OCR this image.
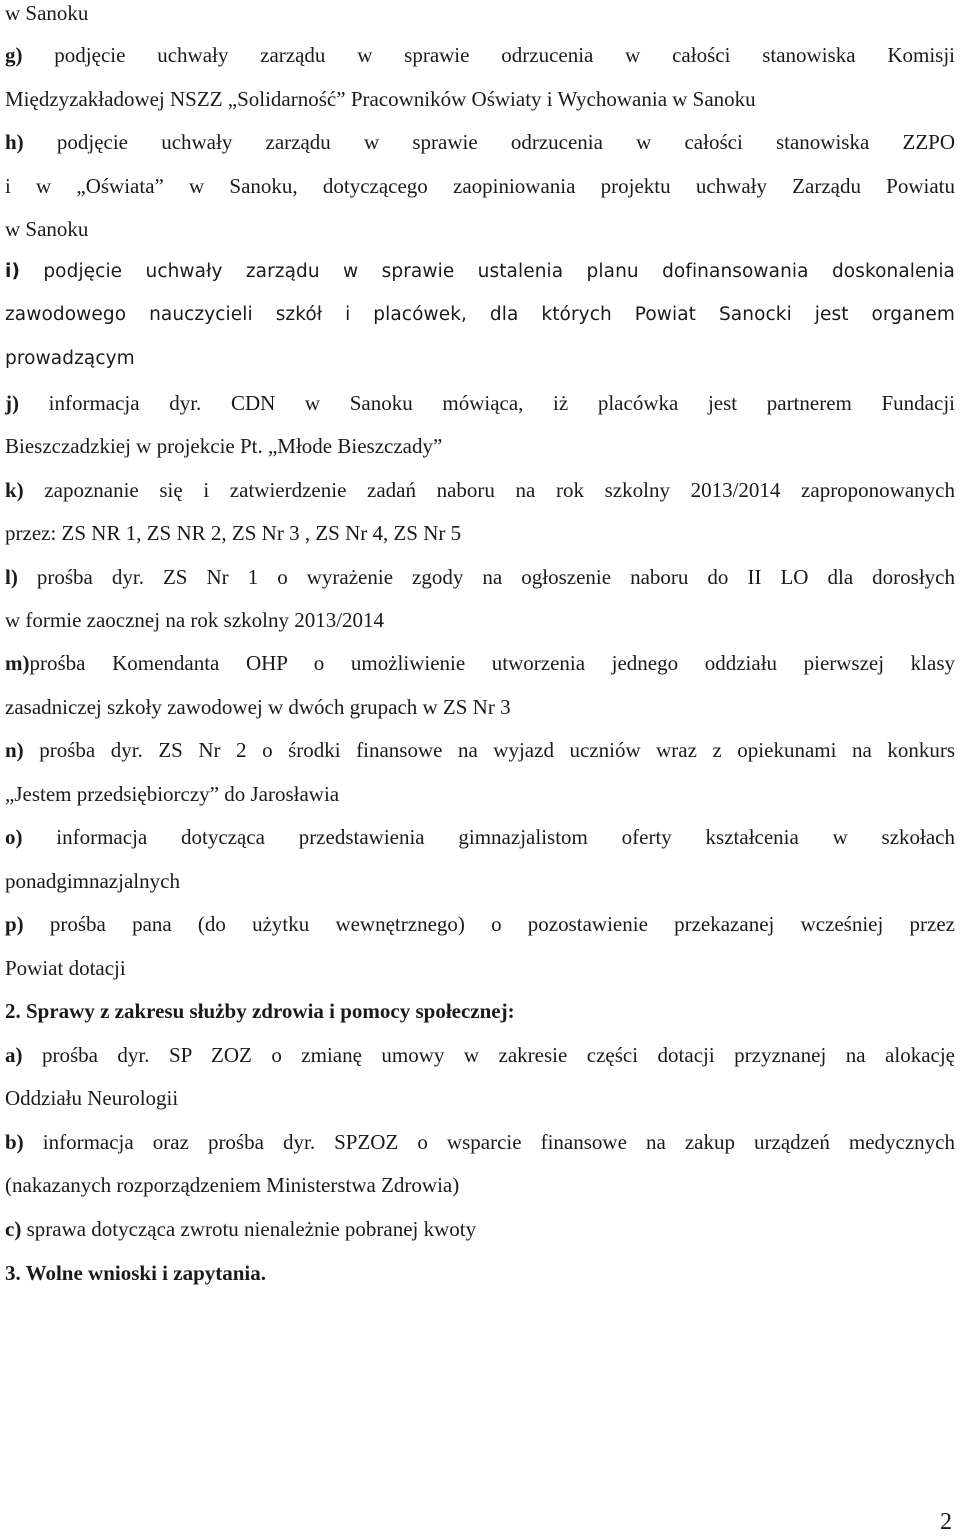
w Sanoku
g) podjęcie uchwały zarządu w sprawie odrzucenia w całości stanowiska Komisji
Międzyzakładowej NSZZ „Solidarność” Pracowników Oświaty i Wychowania w Sanoku
h) podjęcie uchwały zarządu w sprawie odrzucenia w całości stanowiska ZZPO
i w „Oświata” w Sanoku, dotyczącego zaopiniowania projektu uchwały Zarządu Powiatu
w Sanoku
i) podjęcie uchwały zarządu w sprawie ustalenia planu dofinansowania doskonalenia
zawodowego nauczycieli szkół i placówek, dla których Powiat Sanocki jest organem
prowadzącym
j) informacja dyr. CDN w Sanoku mówiąca, iż placówka jest partnerem Fundacji
Bieszczadzkiej w projekcie Pt. „Młode Bieszczady”
k) zapoznanie się i zatwierdzenie zadań naboru na rok szkolny 2013/2014 zaproponowanych
przez: ZS NR 1, ZS NR 2, ZS Nr 3 , ZS Nr 4, ZS Nr 5
l) prośba dyr. ZS Nr 1 o wyrażenie zgody na ogłoszenie naboru do II LO dla dorosłych
w formie zaocznej na rok szkolny 2013/2014
m)prośba Komendanta OHP o umożliwienie utworzenia jednego oddziału pierwszej klasy
zasadniczej szkoły zawodowej w dwóch grupach w ZS Nr 3
n) prośba dyr. ZS Nr 2 o środki finansowe na wyjazd uczniów wraz z opiekunami na konkurs
„Jestem przedsiębiorczy” do Jarosławia
o) informacja dotycząca przedstawienia gimnazjalistom oferty kształcenia w szkołach
ponadgimnazjalnych
p) prośba pana (do użytku wewnętrznego) o pozostawienie przekazanej wcześniej przez
Powiat dotacji
2. Sprawy z zakresu służby zdrowia i pomocy społecznej:
a) prośba dyr. SP ZOZ o zmianę umowy w zakresie części dotacji przyznanej na alokację
Oddziału Neurologii
b) informacja oraz prośba dyr. SPZOZ o wsparcie finansowe na zakup urządzeń medycznych
(nakazanych rozporządzeniem Ministerstwa Zdrowia)
c) sprawa dotycząca zwrotu nienależnie pobranej kwoty
3. Wolne wnioski i zapytania.
2
